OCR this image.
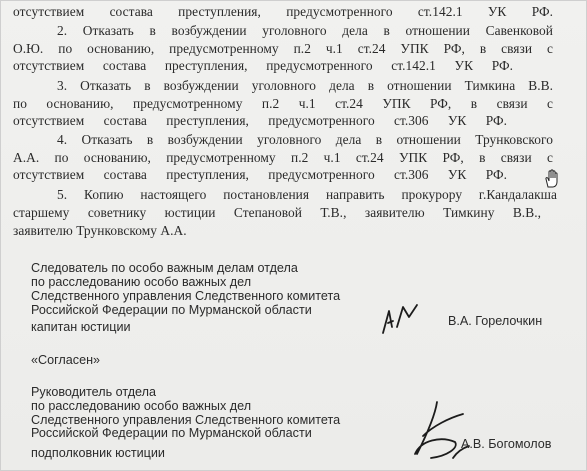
отсутствием состава преступления, предусмотренного ст.142.1 УК РФ.
2. Отказать в возбуждении уголовного дела в отношении Савенковой
О.Ю. по основанию, предусмотренному п.2 ч.1 ст.24 УПК РФ, в связи с
отсутствием состава преступления, предусмотренного ст.142.1 УК РФ.
3. Отказать в возбуждении уголовного дела в отношении Тимкина В.В.
по основанию, предусмотренному п.2 ч.1 ст.24 УПК РФ, в связи с
отсутствием состава преступления, предусмотренного ст.306 УК РФ.
4. Отказать в возбуждении уголовного дела в отношении Трунковского
А.А. по основанию, предусмотренному п.2 ч.1 ст.24 УПК РФ, в связи с
отсутствием состава преступления, предусмотренного ст.306 УК РФ.
5. Копию настоящего постановления направить прокурору г.Кандалакша
старшему советнику юстиции Степановой Т.В., заявителю Тимкину В.В.,
заявителю Трунковскому А.А.
Следователь по особо важным делам отдела
по расследованию особо важных дел
Следственного управления Следственного комитета
Российской Федерации по Мурманской области
капитан юстиции	В.А. Горелочкин
«Согласен»
Руководитель отдела
по расследованию особо важных дел
Следственного управления Следственного комитета
Российской Федерации по Мурманской области
подполковник юстиции
А.В. Богомолов
